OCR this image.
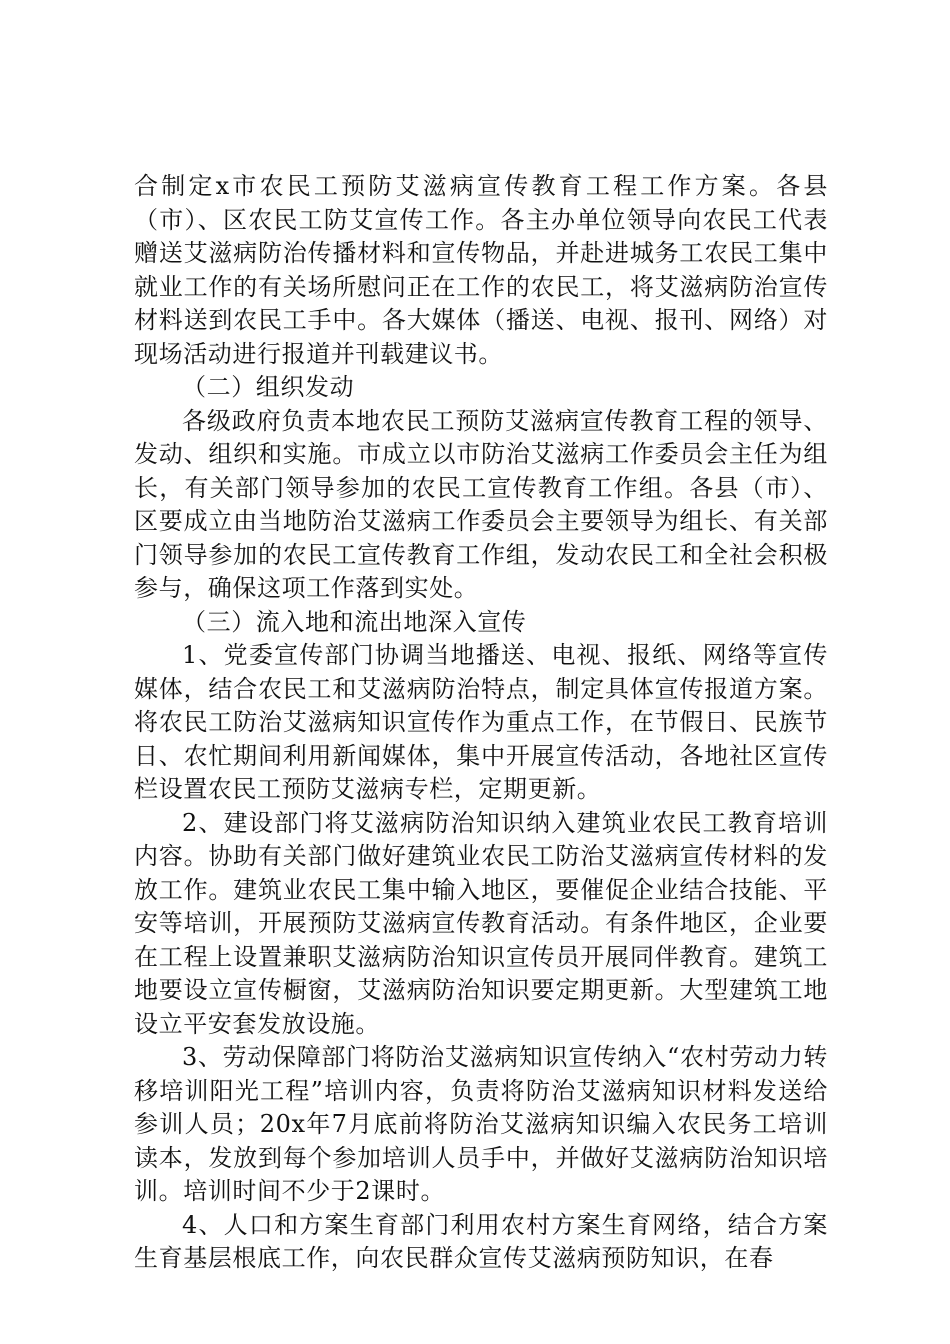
合制定x市农民工预防艾滋病宣传教育工程工作方案。各县（市）、区农民工防艾宣传工作。各主办单位领导向农民工代表赠送艾滋病防治传播材料和宣传物品，并赴进城务工农民工集中就业工作的有关场所慰问正在工作的农民工，将艾滋病防治宣传材料送到农民工手中。各大媒体（播送、电视、报刊、网络）对现场活动进行报道并刊载建议书。

（二）组织发动

各级政府负责本地农民工预防艾滋病宣传教育工程的领导、发动、组织和实施。市成立以市防治艾滋病工作委员会主任为组长，有关部门领导参加的农民工宣传教育工作组。各县（市）、区要成立由当地防治艾滋病工作委员会主要领导为组长、有关部门领导参加的农民工宣传教育工作组，发动农民工和全社会积极参与，确保这项工作落到实处。

（三）流入地和流出地深入宣传

1、党委宣传部门协调当地播送、电视、报纸、网络等宣传媒体，结合农民工和艾滋病防治特点，制定具体宣传报道方案。将农民工防治艾滋病知识宣传作为重点工作，在节假日、民族节日、农忙期间利用新闻媒体，集中开展宣传活动，各地社区宣传栏设置农民工预防艾滋病专栏，定期更新。

2、建设部门将艾滋病防治知识纳入建筑业农民工教育培训内容。协助有关部门做好建筑业农民工防治艾滋病宣传材料的发放工作。建筑业农民工集中输入地区，要催促企业结合技能、平安等培训，开展预防艾滋病宣传教育活动。有条件地区，企业要在工程上设置兼职艾滋病防治知识宣传员开展同伴教育。建筑工地要设立宣传橱窗，艾滋病防治知识要定期更新。大型建筑工地设立平安套发放设施。

3、劳动保障部门将防治艾滋病知识宣传纳入“农村劳动力转移培训阳光工程”培训内容，负责将防治艾滋病知识材料发送给参训人员；20x年7月底前将防治艾滋病知识编入农民务工培训读本，发放到每个参加培训人员手中，并做好艾滋病防治知识培训。培训时间不少于2课时。

4、人口和方案生育部门利用农村方案生育网络，结合方案生育基层根底工作，向农民群众宣传艾滋病预防知识，在春
